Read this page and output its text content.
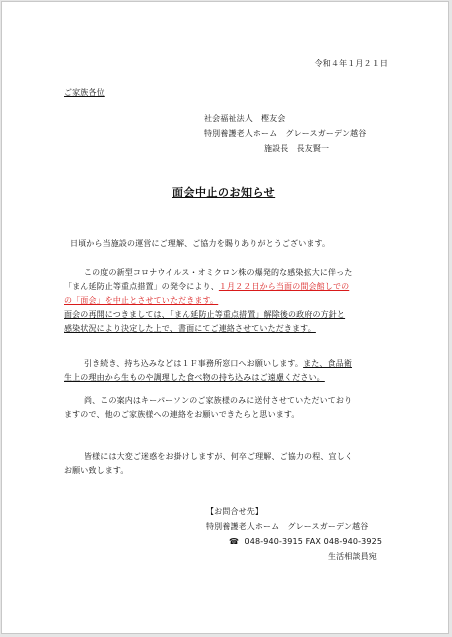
令和４年１月２１日
ご家族各位
社会福祉法人　樫友会
特別養護老人ホーム　グレースガーデン越谷
施設長　長友賢一
面会中止のお知らせ
日頃から当施設の運営にご理解、ご協力を賜りありがとうございます。
この度の新型コロナウイルス・オミクロン株の爆発的な感染拡大に伴った
「まん延防止等重点措置」の発令により、１月２２日から当面の間会館しでの
の「面会」を中止とさせていただきます。
面会の再開につきましては、「まん延防止等重点措置」解除後の政府の方針と
感染状況により決定した上で、書面にてご連絡させていただきます。
引き続き、持ち込みなどは１Ｆ事務所窓口へお願いします。また、食品衛
生上の理由から生ものや調理した食べ物の持ち込みはご遠慮ください。
尚、この案内はキーパーソンのご家族様のみに送付させていただいており
ますので、他のご家族様への連絡をお願いできたらと思います。
皆様には大変ご迷惑をお掛けしますが、何卒ご理解、ご協力の程、宜しく
お願い致します。
【お問合せ先】
特別養護老人ホーム　グレースガーデン越谷
☎ 048-940-3915 FAX 048-940-3925
生活相談員宛
